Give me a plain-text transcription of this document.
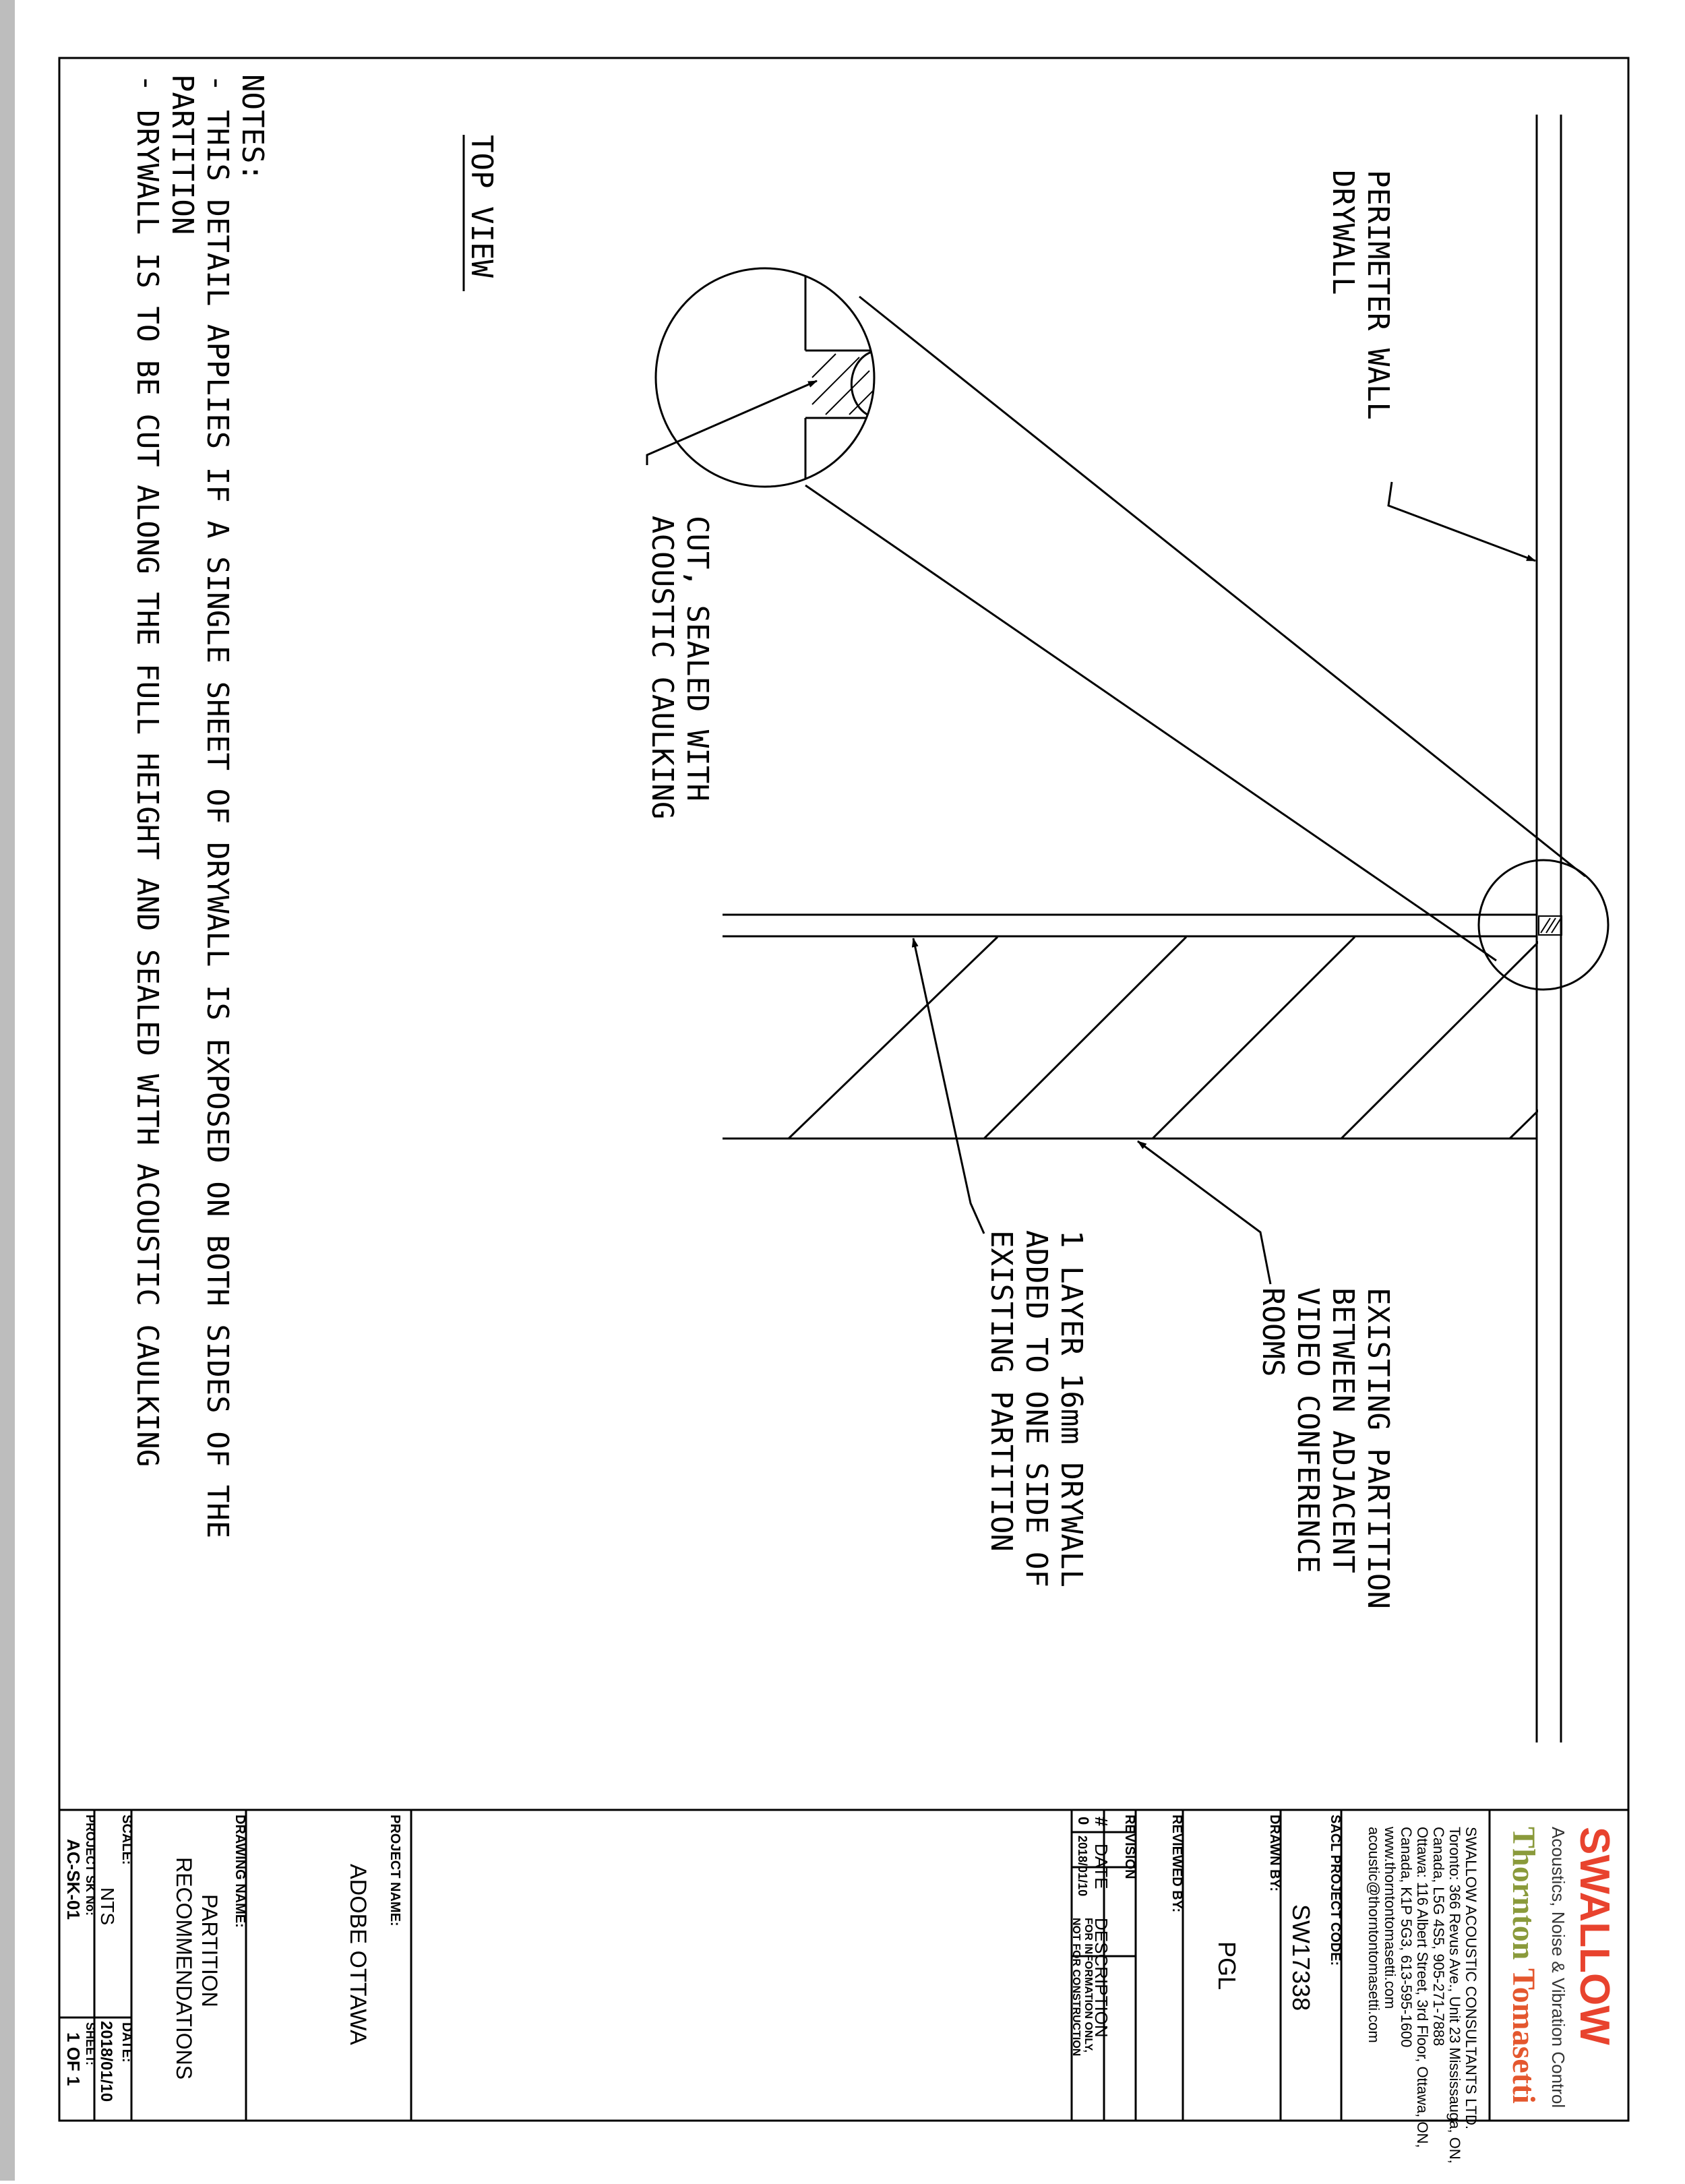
PERIMETER WALL
DRYWALL
EXISTING PARTITION
BETWEEN ADJACENT
VIDEO CONFERENCE
ROOMS
1 LAYER 16mm DRYWALL
ADDED TO ONE SIDE OF
EXISTING PARTITION
CUT, SEALED WITH
ACOUSTIC CAULKING
TOP VIEW
NOTES:
- THIS DETAIL APPLIES IF A SINGLE SHEET OF DRYWALL IS EXPOSED ON BOTH SIDES OF THE
PARTITION
- DRYWALL IS TO BE CUT ALONG THE FULL HEIGHT AND SEALED WITH ACOUSTIC CAULKING
SWALLOW
Acoustics, Noise & Vibration Control
Thornton
Tomasetti
SWALLOW ACOUSTIC CONSULTANTS LTD.
Toronto: 366 Revus Ave., Unit 23 Mississauga, ON,
Canada, L5G 4S5, 905-271-7888
Ottawa: 116 Albert Street, 3rd Floor, Ottawa, ON,
Canada, K1P 5G3, 613-595-1600
www.thorntontomasetti.com
acoustic@thorntontomasetti.com
SACL PROJECT CODE:
SW17338
DRAWN BY:
PGL
REVIEWED BY:
REVISION
#
DATE
DESCRIPTION
0
2018/01/10
FOR INFORMATION ONLY,
NOT FOR CONSTRUCTION
PROJECT NAME:
ADOBE OTTAWA
DRAWING NAME:
PARTITION
RECOMMENDATIONS
SCALE:
NTS
DATE:
2018/01/10
PROJECT SK No:
AC-SK-01
SHEET:
1 OF 1
